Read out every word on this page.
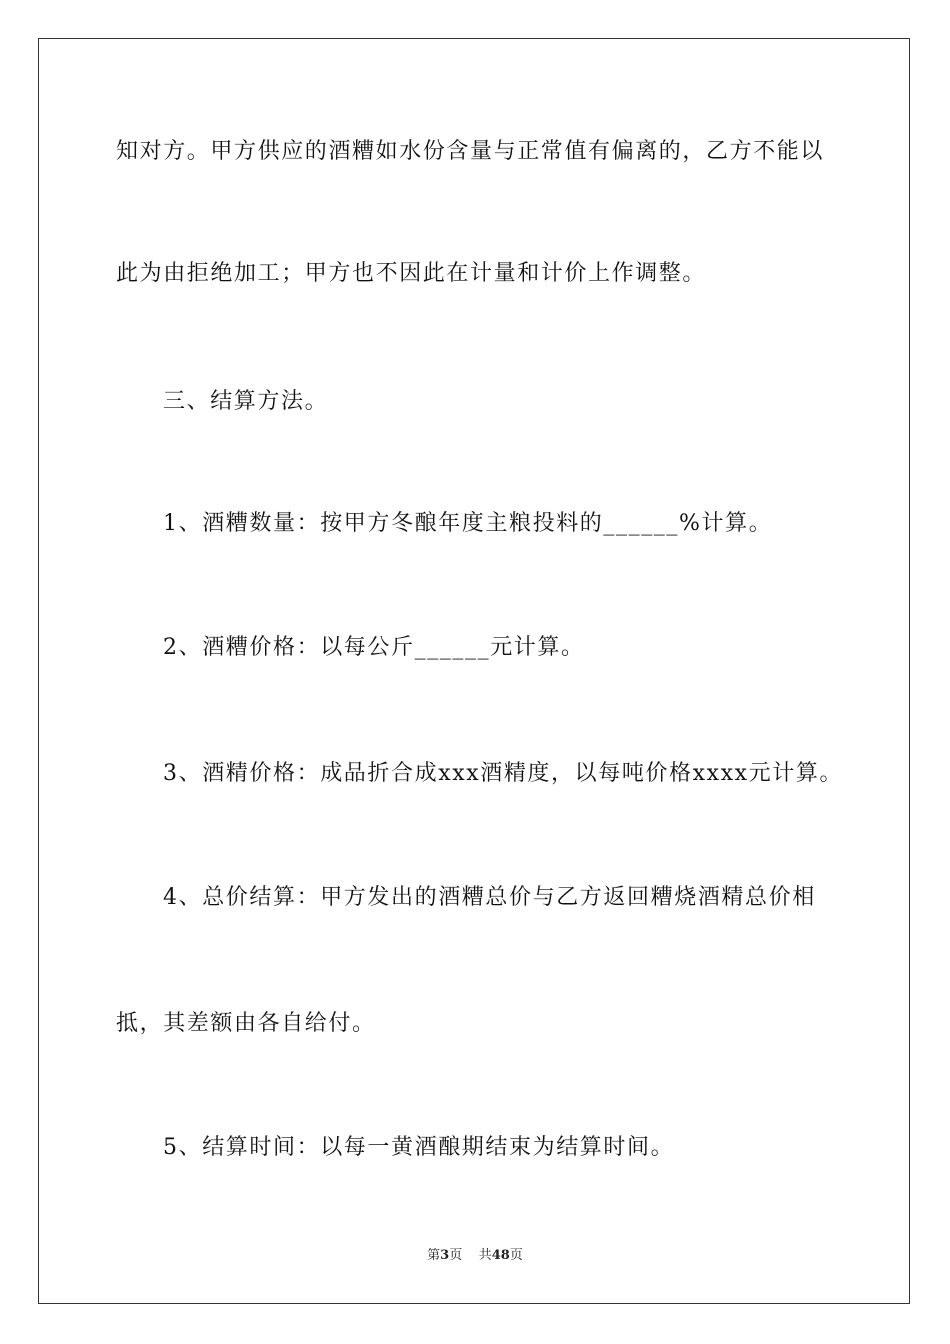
知对方。甲方供应的酒糟如水份含量与正常值有偏离的，乙方不能以
此为由拒绝加工；甲方也不因此在计量和计价上作调整。
三、结算方法。
1、酒糟数量：按甲方冬酿年度主粮投料的______%计算。
2、酒糟价格：以每公斤______元计算。
3、酒精价格：成品折合成xxx酒精度，以每吨价格xxxx元计算。
4、总价结算：甲方发出的酒糟总价与乙方返回糟烧酒精总价相
抵，其差额由各自给付。
5、结算时间：以每一黄酒酿期结束为结算时间。
第3页 共48页
